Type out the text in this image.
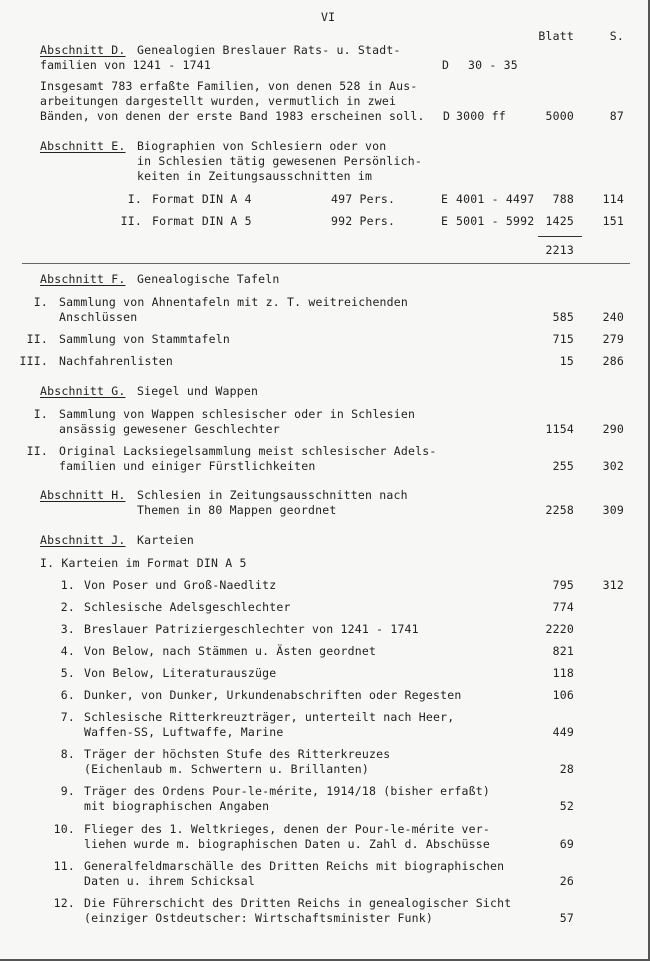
VI
Blatt	S.
Abschnitt D. Genealogien Breslauer Rats- u. Stadt-
familien von 1241 - 1741	D 30 - 35
Insgesamt 783 erfaßte Familien, von denen 528 in Aus-
arbeitungen dargestellt wurden, vermutlich in zwei
Bänden, von denen der erste Band 1983 erscheinen soll. D 3000 ff	5000	87
Abschnitt E. Biographien von Schlesiern oder von
in Schlesien tätig gewesenen Persönlich-
keiten in Zeitungsausschnitten im
I. Format DIN A 4	497 Pers.	E 4001 - 4497 788 114
II. Format DIN A 5	992 Pers.	E 5001 - 5992 1425 151
2213
Abschnitt F. Genealogische Tafeln
I. Sammlung von Ahnentafeln mit z. T. weitreichenden
Anschlüssen	585 240
II. Sammlung von Stammtafeln	715 279
III. Nachfahrenlisten	15 286
Abschnitt G. Siegel und Wappen
I. Sammlung von Wappen schlesischer oder in Schlesien
ansässig gewesener Geschlechter	1154 290
II. Original Lacksiegelsammlung meist schlesischer Adels-
familien und einiger Fürstlichkeiten	255 302
Abschnitt H. Schlesien in Zeitungsausschnitten nach
Themen in 80 Mappen geordnet	2258 309
Abschnitt J. Karteien
I. Karteien im Format DIN A 5
1. Von Poser und Groß-Naedlitz	795 312
2. Schlesische Adelsgeschlechter	774
3. Breslauer Patriziergeschlechter von 1241 - 1741	2220
4. Von Below, nach Stämmen u. Ästen geordnet	821
5. Von Below, Literaturauszüge	118
6. Dunker, von Dunker, Urkundenabschriften oder Regesten	106
7. Schlesische Ritterkreuzträger, unterteilt nach Heer,
Waffen-SS, Luftwaffe, Marine	449
8. Träger der höchsten Stufe des Ritterkreuzes
(Eichenlaub m. Schwertern u. Brillanten)	28
9. Träger des Ordens Pour-le-mérite, 1914/18 (bisher erfaßt)
mit biographischen Angaben	52
10. Flieger des 1. Weltkrieges, denen der Pour-le-mérite ver-
liehen wurde m. biographischen Daten u. Zahl d. Abschüsse	69
11. Generalfeldmarschälle des Dritten Reichs mit biographischen
Daten u. ihrem Schicksal	26
12. Die Führerschicht des Dritten Reichs in genealogischer Sicht
(einziger Ostdeutscher: Wirtschaftsminister Funk)	57
